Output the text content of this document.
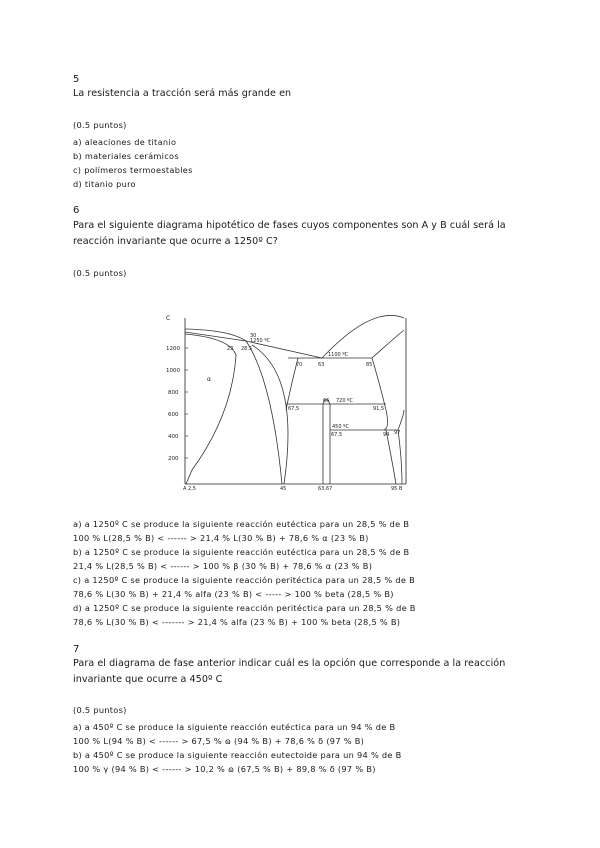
5
La resistencia a tracción será más grande en
(0.5 puntos)
a) aleaciones de titanio
b) materiales cerámicos
c) polímeros termoestables
d) titanio puro
6
Para el siguiente diagrama hipotético de fases cuyos componentes son A y B cuál será la
reacción invariante que ocurre a 1250º C?
(0.5 puntos)
C
1200
1000
800
600
400
200
A 2,5	45	63,67	95 B
1250 ºC
1100 ºC
720 ºC
450 ºC
23 28,5
30
70	63	85
67,5
66
91,5
67,5	94 97
α
a) a 1250º C se produce la siguiente reacción eutéctica para un 28,5 % de B
100 % L(28,5 % B) < ------ > 21,4 % L(30 % B) + 78,6 % α (23 % B)
b) a 1250º C se produce la siguiente reacción eutéctica para un 28,5 % de B
21,4 % L(28,5 % B) < ------ > 100 % β (30 % B) + 78,6 % α (23 % B)
c) a 1250º C se produce la siguiente reacción peritéctica para un 28,5 % de B
78,6 % L(30 % B) + 21,4 % alfa (23 % B) < ----- > 100 % beta (28,5 % B)
d) a 1250º C se produce la siguiente reacción peritéctica para un 28,5 % de B
78,6 % L(30 % B) < ------- > 21,4 % alfa (23 % B) + 100 % beta (28,5 % B)
7
Para el diagrama de fase anterior indicar cuál es la opción que corresponde a la reacción
invariante que ocurre a 450º C
(0.5 puntos)
a) a 450º C se produce la siguiente reacción eutéctica para un 94 % de B
100 % L(94 % B) < ------ > 67,5 % ɷ (94 % B) + 78,6 % δ (97 % B)
b) a 450º C se produce la siguiente reacción eutectoide para un 94 % de B
100 % γ (94 % B) < ------ > 10,2 % ɷ (67,5 % B) + 89,8 % δ (97 % B)
